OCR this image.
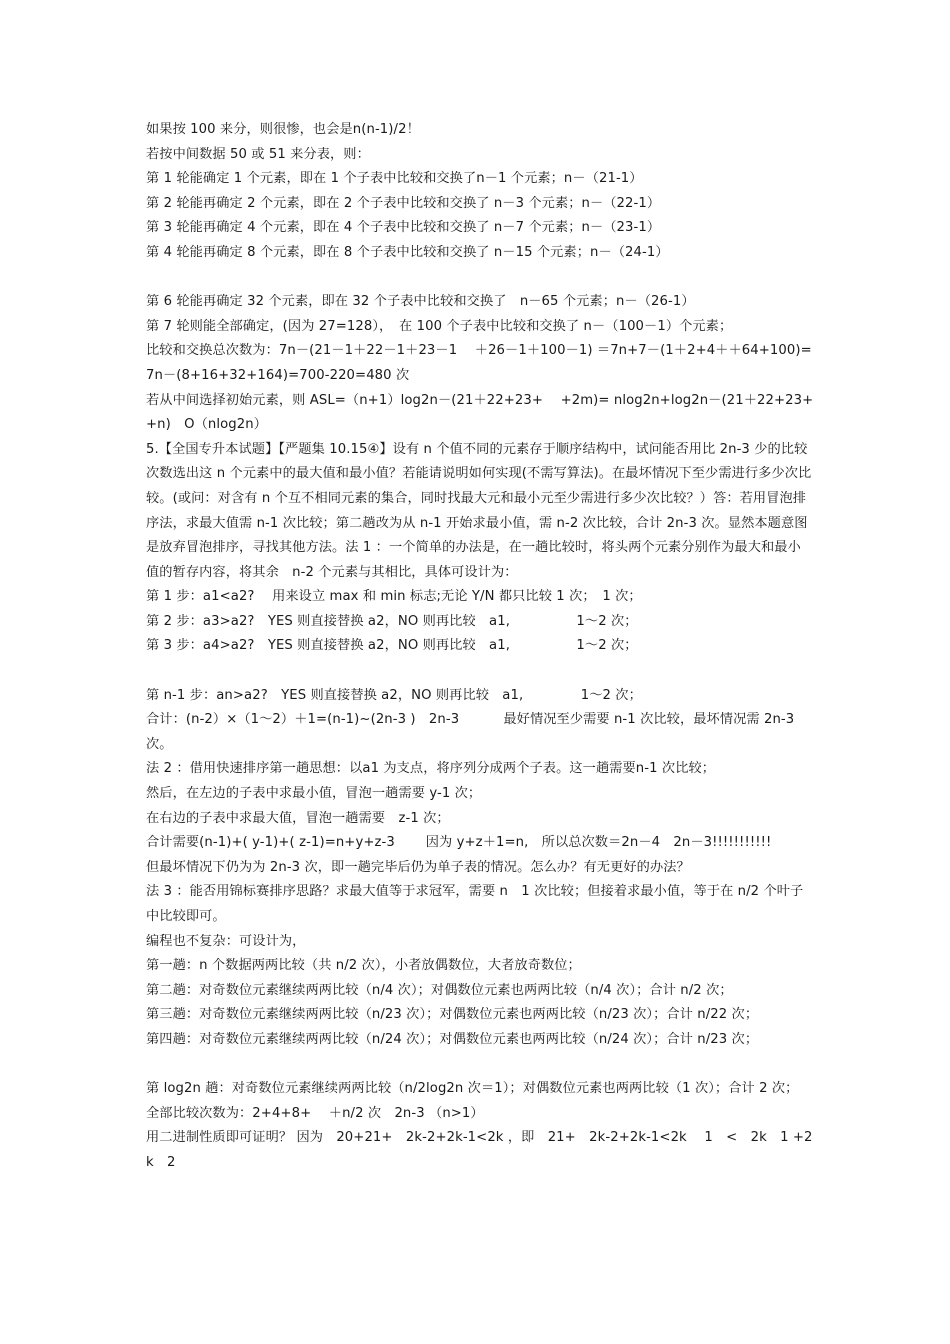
如果按 100 来分，则很惨，也会是n(n-1)/2！

若按中间数据 50 或 51 来分表，则：

第 1 轮能确定 1 个元素，即在 1 个子表中比较和交换了n－1 个元素；n－（21-1）

第 2 轮能再确定 2 个元素，即在 2 个子表中比较和交换了 n－3 个元素；n－（22-1）

第 3 轮能再确定 4 个元素，即在 4 个子表中比较和交换了 n－7 个元素；n－（23-1）

第 4 轮能再确定 8 个元素，即在 8 个子表中比较和交换了 n－15 个元素；n－（24-1）

第 6 轮能再确定 32 个元素，即在 32 个子表中比较和交换了　n－65 个元素；n－（26-1）

第 7 轮则能全部确定，(因为 27=128），　在 100 个子表中比较和交换了 n－（100－1）个元素；

比较和交换总次数为：7n－(21－1＋22－1＋23－1　 ＋26－1＋100－1) ＝7n+7－(1＋2+4＋＋64+100)=7n－(8+16+32+164)=700-220=480 次

若从中间选择初始元素，则 ASL=（n+1）log2n－(21＋22+23+　 +2m)= nlog2n+log2n－(21＋22+23+　 +n)　O（nlog2n）

5.【全国专升本试题】【严题集 10.15④】设有 n 个值不同的元素存于顺序结构中，试问能否用比 2n-3 少的比较次数选出这 n 个元素中的最大值和最小值？若能请说明如何实现(不需写算法)。在最坏情况下至少需进行多少次比较。(或问：对含有 n 个互不相同元素的集合，同时找最大元和最小元至少需进行多少次比较？）答：若用冒泡排序法，求最大值需 n-1 次比较；第二趟改为从 n-1 开始求最小值，需 n-2 次比较，合计 2n-3 次。显然本题意图是放弃冒泡排序，寻找其他方法。法 1 ：一个简单的办法是，在一趟比较时，将头两个元素分别作为最大和最小值的暂存内容，将其余　n-2 个元素与其相比，具体可设计为：

第 1 步：a1<a2?　 用来设立 max 和 min 标志;无论 Y/N 都只比较 1 次；　1 次；

第 2 步：a3>a2?　YES 则直接替换 a2，NO 则再比较　a1,　　　　　1～2 次；

第 3 步：a4>a2?　YES 则直接替换 a2，NO 则再比较　a1,　　　　　1～2 次；

第 n-1 步：an>a2?　YES 则直接替换 a2，NO 则再比较　a1,　　　　 1～2 次；

合计：(n-2）×（1～2）＋1=(n-1)~(2n-3 )　2n-3　　　 最好情况至少需要 n-1 次比较，最坏情况需 2n-3 次。

法 2 ：借用快速排序第一趟思想：以a1 为支点，将序列分成两个子表。这一趟需要n-1 次比较；

然后，在左边的子表中求最小值，冒泡一趟需要 y-1 次；

在右边的子表中求最大值，冒泡一趟需要　z-1 次；

合计需要(n-1)+( y-1)+( z-1)=n+y+z-3　　 因为 y+z＋1=n,　所以总次数＝2n－4　2n－3!!!!!!!!!!!

但最坏情况下仍为为 2n-3 次，即一趟完毕后仍为单子表的情况。怎么办？有无更好的办法？

法 3 ：能否用锦标赛排序思路？求最大值等于求冠军，需要 n　1 次比较；但接着求最小值，等于在 n/2 个叶子中比较即可。

编程也不复杂：可设计为，

第一趟：n 个数据两两比较（共 n/2 次），小者放偶数位，大者放奇数位；

第二趟：对奇数位元素继续两两比较（n/4 次）；对偶数位元素也两两比较（n/4 次）；合计 n/2 次；

第三趟：对奇数位元素继续两两比较（n/23 次）；对偶数位元素也两两比较（n/23 次）；合计 n/22 次；

第四趟：对奇数位元素继续两两比较（n/24 次）；对偶数位元素也两两比较（n/24 次）；合计 n/23 次；

第 log2n 趟：对奇数位元素继续两两比较（n/2log2n 次＝1）；对偶数位元素也两两比较（1 次）；合计 2 次；

全部比较次数为：2+4+8+　 ＋n/2 次　2n-3 （n>1）

用二进制性质即可证明？ 因为　20+21+　2k-2+2k-1<2k ，即　21+　2k-2+2k-1<2k　 1　<　2k　1 +2k　2
